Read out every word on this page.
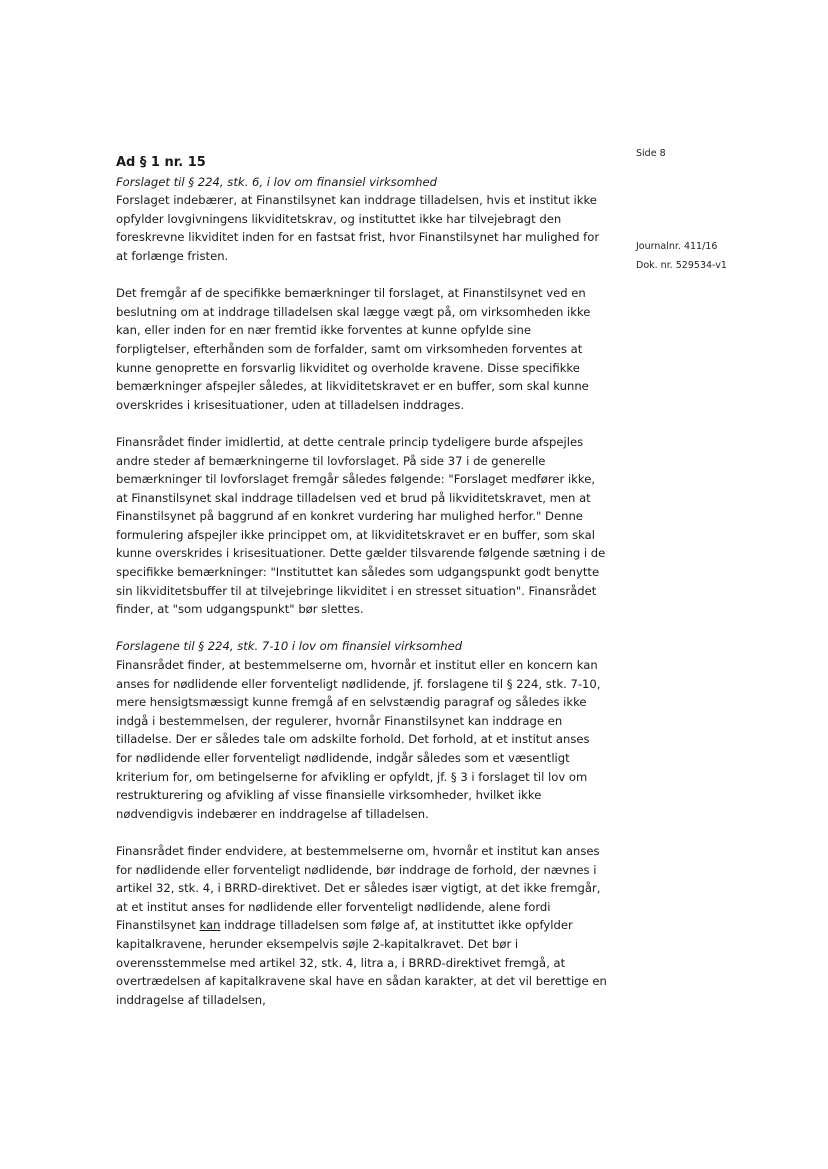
Side 8
Journalnr. 411/16
Dok. nr. 529534-v1
Ad § 1 nr. 15
Forslaget til § 224, stk. 6, i lov om finansiel virksomhed

Forslaget indebærer, at Finanstilsynet kan inddrage tilladelsen, hvis et institut ikke opfylder lovgivningens likviditetskrav, og instituttet ikke har tilvejebragt den foreskrevne likviditet inden for en fastsat frist, hvor Finanstilsynet har mulighed for at forlænge fristen.

Det fremgår af de specifikke bemærkninger til forslaget, at Finanstilsynet ved en beslutning om at inddrage tilladelsen skal lægge vægt på, om virksomheden ikke kan, eller inden for en nær fremtid ikke forventes at kunne opfylde sine forpligtelser, efterhånden som de forfalder, samt om virksomheden forventes at kunne genoprette en forsvarlig likviditet og overholde kravene. Disse specifikke bemærkninger afspejler således, at likviditetskravet er en buffer, som skal kunne overskrides i krisesituationer, uden at tilladelsen inddrages.

Finansrådet finder imidlertid, at dette centrale princip tydeligere burde afspejles andre steder af bemærkningerne til lovforslaget. På side 37 i de generelle bemærkninger til lovforslaget fremgår således følgende: "Forslaget medfører ikke, at Finanstilsynet skal inddrage tilladelsen ved et brud på likviditetskravet, men at Finanstilsynet på baggrund af en konkret vurdering har mulighed herfor." Denne formulering afspejler ikke princippet om, at likviditetskravet er en buffer, som skal kunne overskrides i krisesituationer. Dette gælder tilsvarende følgende sætning i de specifikke bemærkninger: "Instituttet kan således som udgangspunkt godt benytte sin likviditetsbuffer til at tilvejebringe likviditet i en stresset situation". Finansrådet finder, at "som udgangspunkt" bør slettes.

Forslagene til § 224, stk. 7-10 i lov om finansiel virksomhed

Finansrådet finder, at bestemmelserne om, hvornår et institut eller en koncern kan anses for nødlidende eller forventeligt nødlidende, jf. forslagene til § 224, stk. 7-10, mere hensigtsmæssigt kunne fremgå af en selvstændig paragraf og således ikke indgå i bestemmelsen, der regulerer, hvornår Finanstilsynet kan inddrage en tilladelse. Der er således tale om adskilte forhold. Det forhold, at et institut anses for nødlidende eller forventeligt nødlidende, indgår således som et væsentligt kriterium for, om betingelserne for afvikling er opfyldt, jf. § 3 i forslaget til lov om restrukturering og afvikling af visse finansielle virksomheder, hvilket ikke nødvendigvis indebærer en inddragelse af tilladelsen.

Finansrådet finder endvidere, at bestemmelserne om, hvornår et institut kan anses for nødlidende eller forventeligt nødlidende, bør inddrage de forhold, der nævnes i artikel 32, stk. 4, i BRRD-direktivet. Det er således især vigtigt, at det ikke fremgår, at et institut anses for nødlidende eller forventeligt nødlidende, alene fordi Finanstilsynet kan inddrage tilladelsen som følge af, at instituttet ikke opfylder kapitalkravene, herunder eksempelvis søjle 2-kapitalkravet. Det bør i overensstemmelse med artikel 32, stk. 4, litra a, i BRRD-direktivet fremgå, at overtrædelsen af kapitalkravene skal have en sådan karakter, at det vil berettige en inddragelse af tilladelsen,
